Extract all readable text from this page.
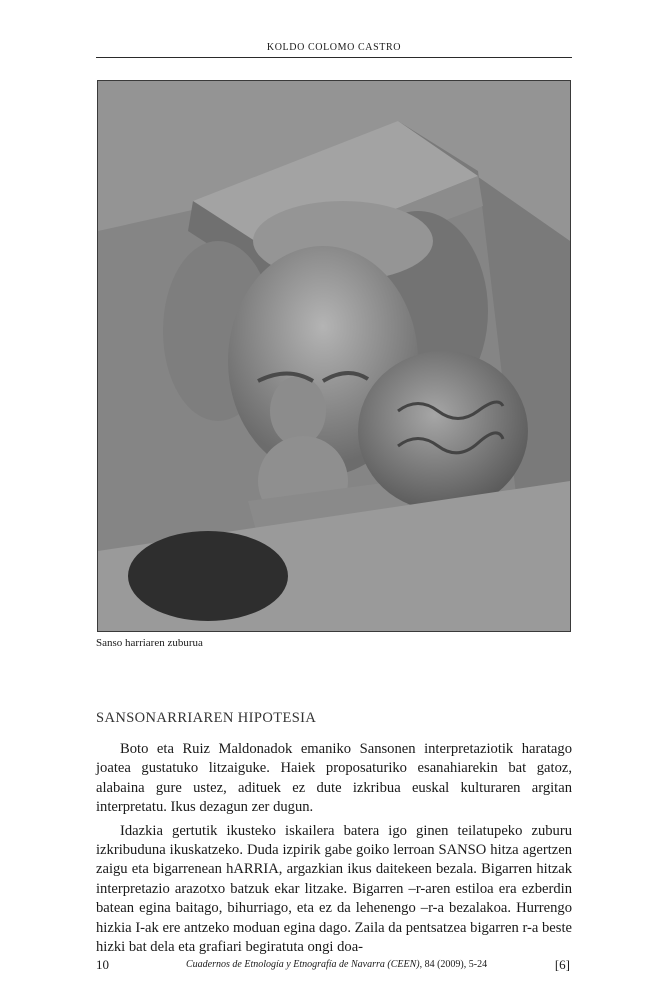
KOLDO COLOMO CASTRO
Sanso harriaren zuburua
SANSONARRIAREN HIPOTESIA

Boto eta Ruiz Maldonadok emaniko Sansonen interpretaziotik haratago joatea gustatuko litzaiguke. Haiek proposaturiko esanahiarekin bat gatoz, alabaina gure ustez, adituek ez dute izkribua euskal kulturaren argitan interpretatu. Ikus dezagun zer dugun.

Idazkia gertutik ikusteko iskailera batera igo ginen teilatupeko zuburu izkribuduna ikuskatzeko. Duda izpirik gabe goiko lerroan SANSO hitza agertzen zaigu eta bigarrenean hARRIA, argazkian ikus daitekeen bezala. Bigarren hitzak interpretazio arazotxo batzuk ekar litzake. Bigarren –r-aren estiloa era ezberdin batean egina baitago, bihurriago, eta ez da lehenengo –r-a bezalakoa. Hurrengo hizkia I-ak ere antzeko moduan egina dago. Zaila da pentsatzea bigarren r-a beste hizki bat dela eta grafiari begiratuta ongi doa-

10	Cuadernos de Etnología y Etnografía de Navarra (CEEN), 84 (2009), 5-24	[6]
